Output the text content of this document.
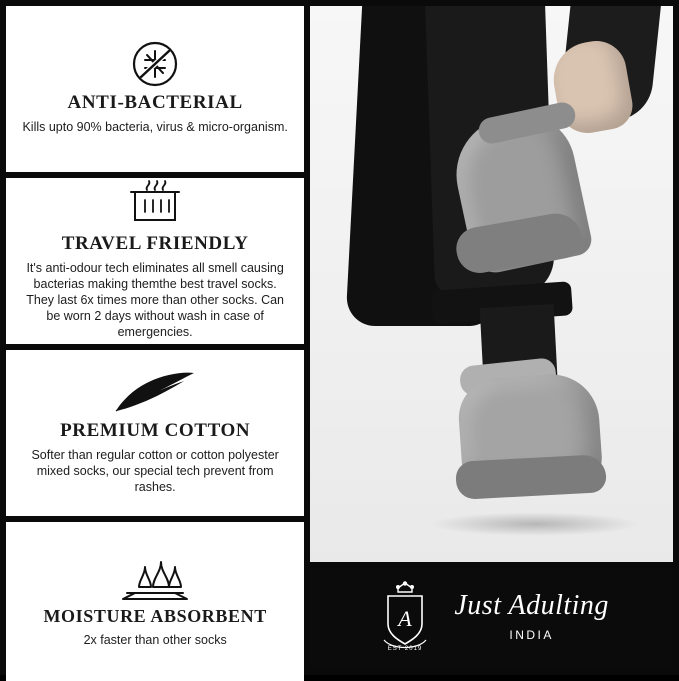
ANTI-BACTERIAL

Kills upto 90% bacteria, virus & micro-organism.

TRAVEL FRIENDLY

It's anti-odour tech eliminates all smell causing bacterias making themthe best travel socks. They last 6x times more than other socks. Can be worn 2 days without wash in case of emergencies.

PREMIUM COTTON

Softer than regular cotton or cotton polyester mixed socks, our special tech prevent from rashes.

MOISTURE ABSORBENT

2x faster than other socks

A
EST 2019
Just Adulting
INDIA
